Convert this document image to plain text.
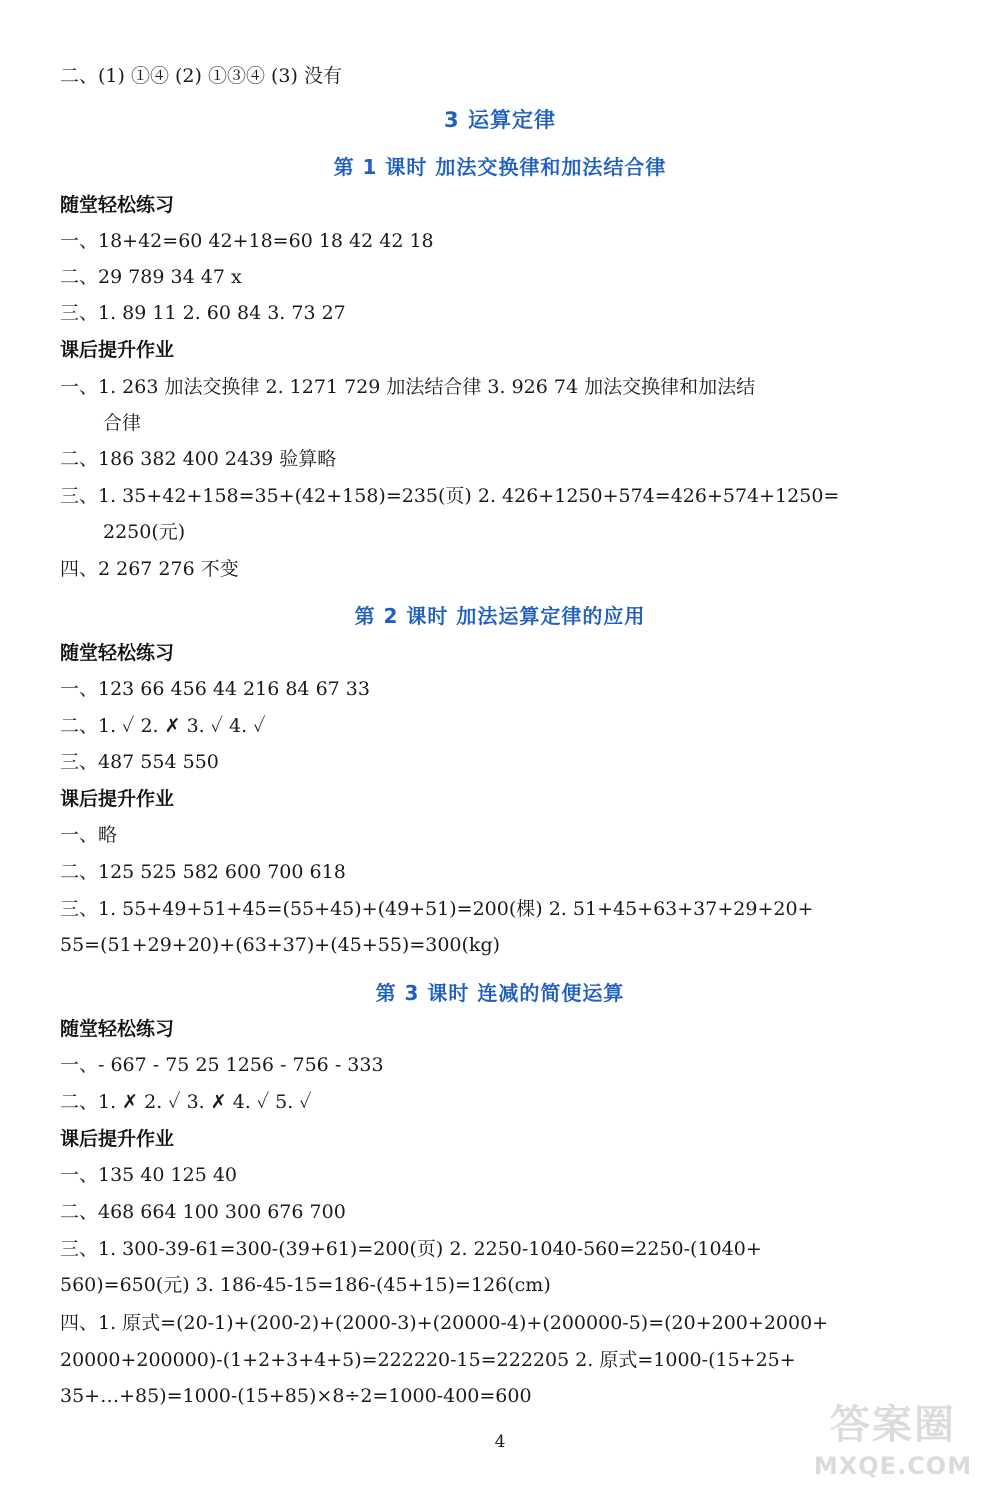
二、(1) ①④ (2) ①③④ (3) 没有
3 运算定律
第 1 课时 加法交换律和加法结合律
随堂轻松练习
一、18+42=60 42+18=60 18 42 42 18
二、29 789 34 47 x
三、1. 89 11 2. 60 84 3. 73 27
课后提升作业
一、1. 263 加法交换律 2. 1271 729 加法结合律 3. 926 74 加法交换律和加法结
合律
二、186 382 400 2439 验算略
三、1. 35+42+158=35+(42+158)=235(页) 2. 426+1250+574=426+574+1250=
2250(元)
四、2 267 276 不变
第 2 课时 加法运算定律的应用
随堂轻松练习
一、123 66 456 44 216 84 67 33
二、1. ✓ 2. ✗ 3. ✓ 4. ✓
三、487 554 550
课后提升作业
一、略
二、125 525 582 600 700 618
三、1. 55+49+51+45=(55+45)+(49+51)=200(棵) 2. 51+45+63+37+29+20+
55=(51+29+20)+(63+37)+(45+55)=300(kg)
第 3 课时 连减的简便运算
随堂轻松练习
一、- 667 - 75 25 1256 - 756 - 333
二、1. ✗ 2. ✓ 3. ✗ 4. ✓ 5. ✓
课后提升作业
一、135 40 125 40
二、468 664 100 300 676 700
三、1. 300-39-61=300-(39+61)=200(页) 2. 2250-1040-560=2250-(1040+
560)=650(元) 3. 186-45-15=186-(45+15)=126(cm)
四、1. 原式=(20-1)+(200-2)+(2000-3)+(20000-4)+(200000-5)=(20+200+2000+
20000+200000)-(1+2+3+4+5)=222220-15=222205 2. 原式=1000-(15+25+
35+…+85)=1000-(15+85)×8÷2=1000-400=600
4	答案圈
MXQE.COM
